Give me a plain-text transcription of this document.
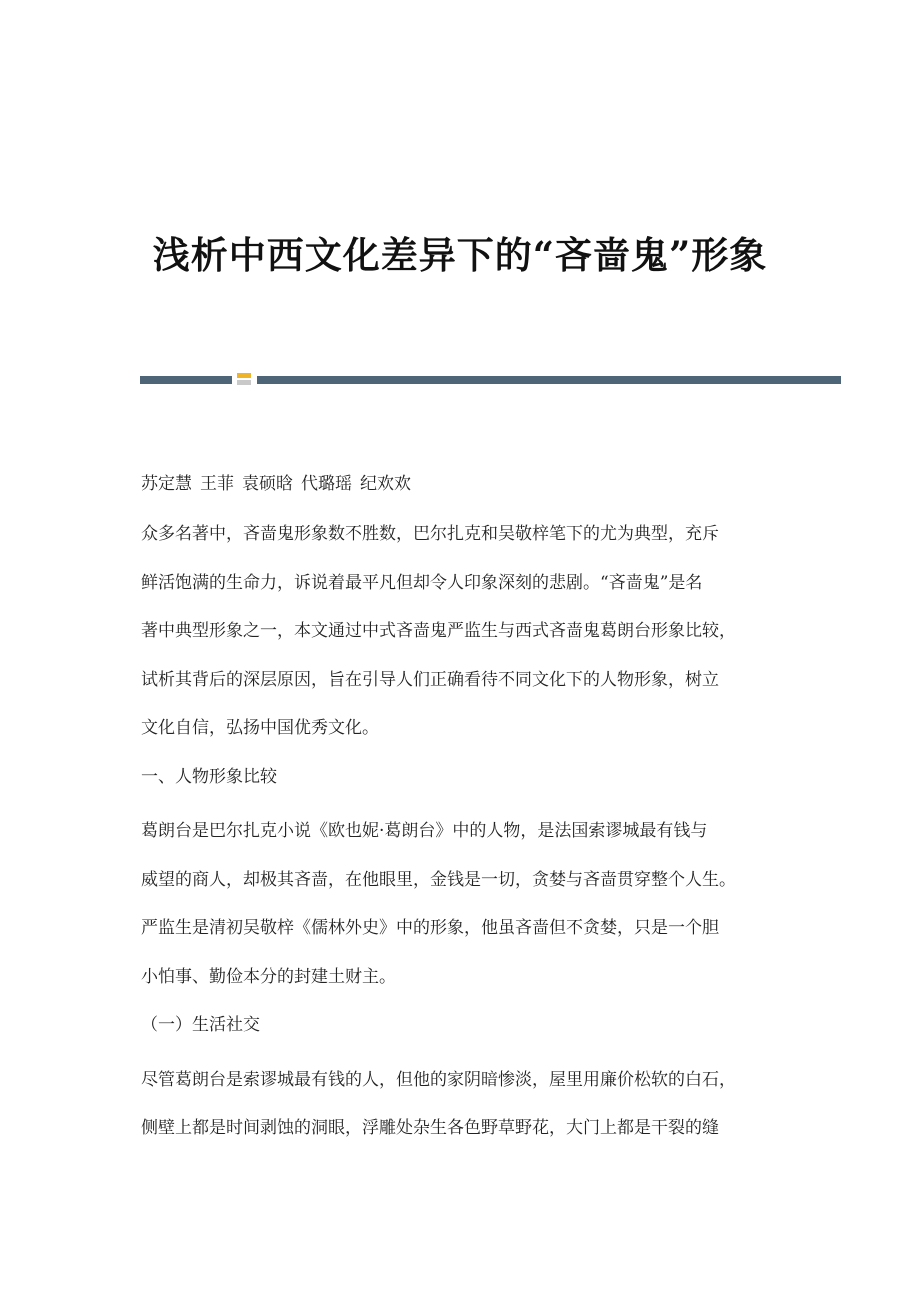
浅析中西文化差异下的“吝啬鬼”形象

苏定慧 王菲 袁硕晗 代璐瑶 纪欢欢

众多名著中，吝啬鬼形象数不胜数，巴尔扎克和吴敬梓笔下的尤为典型，充斥

鲜活饱满的生命力，诉说着最平凡但却令人印象深刻的悲剧。“吝啬鬼”是名

著中典型形象之一，本文通过中式吝啬鬼严监生与西式吝啬鬼葛朗台形象比较，

试析其背后的深层原因，旨在引导人们正确看待不同文化下的人物形象，树立

文化自信，弘扬中国优秀文化。

一、人物形象比较

葛朗台是巴尔扎克小说《欧也妮·葛朗台》中的人物，是法国索谬城最有钱与

威望的商人，却极其吝啬，在他眼里，金钱是一切，贪婪与吝啬贯穿整个人生。

严监生是清初吴敬梓《儒林外史》中的形象，他虽吝啬但不贪婪，只是一个胆

小怕事、勤俭本分的封建土财主。

（一）生活社交

尽管葛朗台是索谬城最有钱的人，但他的家阴暗惨淡，屋里用廉价松软的白石，

侧壁上都是时间剥蚀的洞眼，浮雕处杂生各色野草野花，大门上都是干裂的缝
